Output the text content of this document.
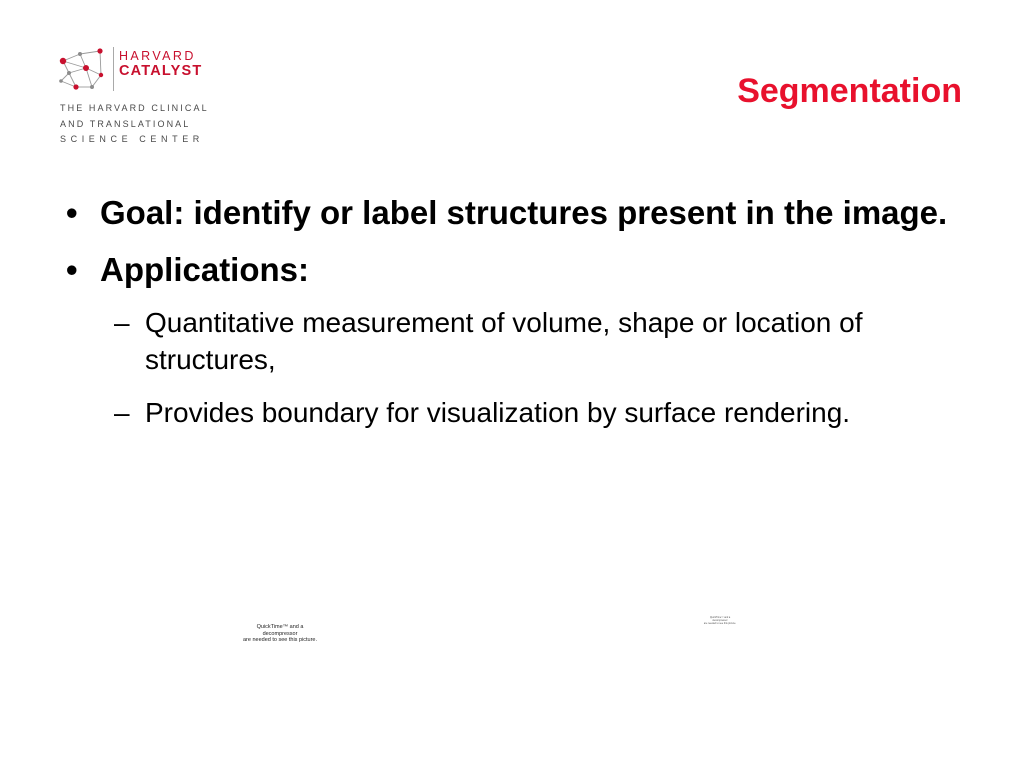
HARVARD
CATALYST
THE HARVARD CLINICAL
AND TRANSLATIONAL
SCIENCE CENTER
Segmentation
• Goal: identify or label structures present in the image.
• Applications:
– Quantitative measurement of volume, shape or location of structures,
– Provides boundary for visualization by surface rendering.
QuickTime™ and a
decompressor
are needed to see this picture.
QuickTime™ and a
decompressor
are needed to see this picture.
